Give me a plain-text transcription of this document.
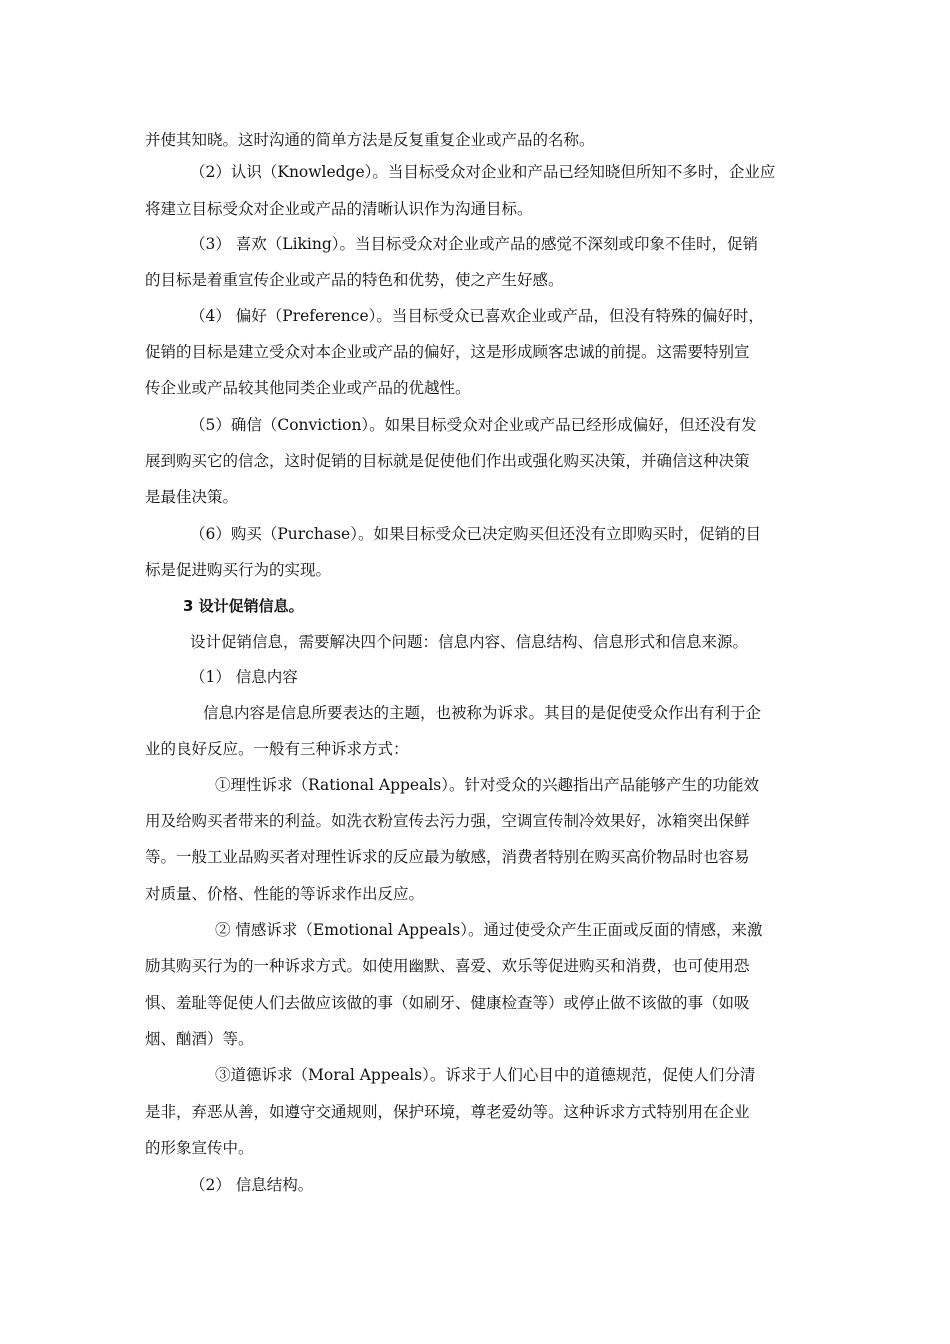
并使其知晓。这时沟通的简单方法是反复重复企业或产品的名称。
（2）认识（Knowledge）。当目标受众对企业和产品已经知晓但所知不多时，企业应
将建立目标受众对企业或产品的清晰认识作为沟通目标。
（3） 喜欢（Liking）。当目标受众对企业或产品的感觉不深刻或印象不佳时，促销
的目标是着重宣传企业或产品的特色和优势，使之产生好感。
（4） 偏好（Preference）。当目标受众已喜欢企业或产品，但没有特殊的偏好时，
促销的目标是建立受众对本企业或产品的偏好，这是形成顾客忠诚的前提。这需要特别宣
传企业或产品较其他同类企业或产品的优越性。
（5）确信（Conviction）。如果目标受众对企业或产品已经形成偏好，但还没有发
展到购买它的信念，这时促销的目标就是促使他们作出或强化购买决策，并确信这种决策
是最佳决策。
（6）购买（Purchase）。如果目标受众已决定购买但还没有立即购买时，促销的目
标是促进购买行为的实现。
3 设计促销信息。
设计促销信息，需要解决四个问题：信息内容、信息结构、信息形式和信息来源。
（1） 信息内容
信息内容是信息所要表达的主题，也被称为诉求。其目的是促使受众作出有利于企
业的良好反应。一般有三种诉求方式：
①理性诉求（Rational Appeals）。针对受众的兴趣指出产品能够产生的功能效
用及给购买者带来的利益。如洗衣粉宣传去污力强，空调宣传制冷效果好，冰箱突出保鲜
等。一般工业品购买者对理性诉求的反应最为敏感，消费者特别在购买高价物品时也容易
对质量、价格、性能的等诉求作出反应。
② 情感诉求（Emotional Appeals）。通过使受众产生正面或反面的情感，来激
励其购买行为的一种诉求方式。如使用幽默、喜爱、欢乐等促进购买和消费，也可使用恐
惧、羞耻等促使人们去做应该做的事（如刷牙、健康检查等）或停止做不该做的事（如吸
烟、酗酒）等。
③道德诉求（Moral Appeals）。诉求于人们心目中的道德规范，促使人们分清
是非，弃恶从善，如遵守交通规则，保护环境，尊老爱幼等。这种诉求方式特别用在企业
的形象宣传中。
（2） 信息结构。
